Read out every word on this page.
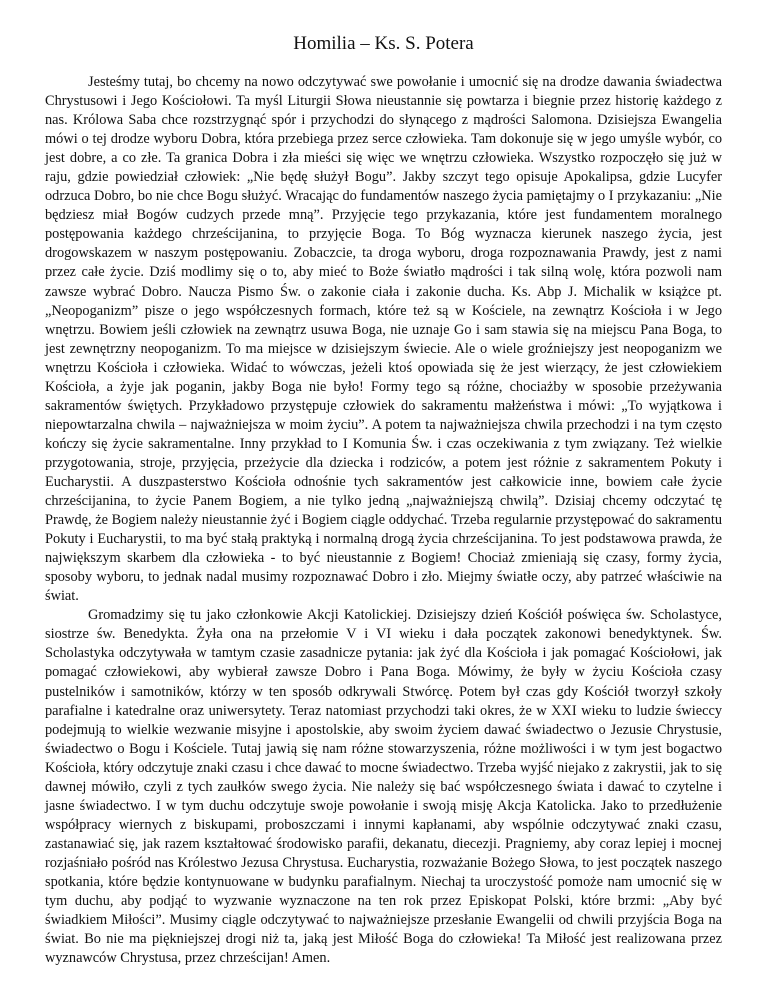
Homilia – Ks. S. Potera

Jesteśmy tutaj, bo chcemy na nowo odczytywać swe powołanie i umocnić się na drodze dawania świadectwa Chrystusowi i Jego Kościołowi. Ta myśl Liturgii Słowa nieustannie się powtarza i biegnie przez historię każdego z nas. Królowa Saba chce rozstrzygnąć spór i przychodzi do słynącego z mądrości Salomona. Dzisiejsza Ewangelia mówi o tej drodze wyboru Dobra, która przebiega przez serce człowieka. Tam dokonuje się w jego umyśle wybór, co jest dobre, a co złe. Ta granica Dobra i zła mieści się więc we wnętrzu człowieka. Wszystko rozpoczęło się już w raju, gdzie powiedział człowiek: „Nie będę służył Bogu”. Jakby szczyt tego opisuje Apokalipsa, gdzie Lucyfer odrzuca Dobro, bo nie chce Bogu służyć. Wracając do fundamentów naszego życia pamiętajmy o I przykazaniu: „Nie będziesz miał Bogów cudzych przede mną”. Przyjęcie tego przykazania, które jest fundamentem moralnego postępowania każdego chrześcijanina, to przyjęcie Boga. To Bóg wyznacza kierunek naszego życia, jest drogowskazem w naszym postępowaniu. Zobaczcie, ta droga wyboru, droga rozpoznawania Prawdy, jest z nami przez całe życie. Dziś modlimy się o to, aby mieć to Boże światło mądrości i tak silną wolę, która pozwoli nam zawsze wybrać Dobro. Naucza Pismo Św. o zakonie ciała i zakonie ducha. Ks. Abp J. Michalik w książce pt. „Neopoganizm” pisze o jego współczesnych formach, które też są w Kościele, na zewnątrz Kościoła i w Jego wnętrzu. Bowiem jeśli człowiek na zewnątrz usuwa Boga, nie uznaje Go i sam stawia się na miejscu Pana Boga, to jest zewnętrzny neopoganizm. To ma miejsce w dzisiejszym świecie. Ale o wiele groźniejszy jest neopoganizm we wnętrzu Kościoła i człowieka. Widać to wówczas, jeżeli ktoś opowiada się że jest wierzący, że jest człowiekiem Kościoła, a żyje jak poganin, jakby Boga nie było! Formy tego są różne, chociażby w sposobie przeżywania sakramentów świętych. Przykładowo przystępuje człowiek do sakramentu małżeństwa i mówi: „To wyjątkowa i niepowtarzalna chwila – najważniejsza w moim życiu”. A potem ta najważniejsza chwila przechodzi i na tym często kończy się życie sakramentalne. Inny przykład to I Komunia Św. i czas oczekiwania z tym związany. Też wielkie przygotowania, stroje, przyjęcia, przeżycie dla dziecka i rodziców, a potem jest różnie z sakramentem Pokuty i Eucharystii. A duszpasterstwo Kościoła odnośnie tych sakramentów jest całkowicie inne, bowiem całe życie chrześcijanina, to życie Panem Bogiem, a nie tylko jedną „najważniejszą chwilą”. Dzisiaj chcemy odczytać tę Prawdę, że Bogiem należy nieustannie żyć i Bogiem ciągle oddychać. Trzeba regularnie przystępować do sakramentu Pokuty i Eucharystii, to ma być stałą praktyką i normalną drogą życia chrześcijanina. To jest podstawowa prawda, że największym skarbem dla człowieka - to być nieustannie z Bogiem! Chociaż zmieniają się czasy, formy życia, sposoby wyboru, to jednak nadal musimy rozpoznawać Dobro i zło. Miejmy światłe oczy, aby patrzeć właściwie na świat.

Gromadzimy się tu jako członkowie Akcji Katolickiej. Dzisiejszy dzień Kościół poświęca św. Scholastyce, siostrze św. Benedykta. Żyła ona na przełomie V i VI wieku i dała początek zakonowi benedyktynek. Św. Scholastyka odczytywała w tamtym czasie zasadnicze pytania: jak żyć dla Kościoła i jak pomagać Kościołowi, jak pomagać człowiekowi, aby wybierał zawsze Dobro i Pana Boga. Mówimy, że były w życiu Kościoła czasy pustelników i samotników, którzy w ten sposób odkrywali Stwórcę. Potem był czas gdy Kościół tworzył szkoły parafialne i katedralne oraz uniwersytety. Teraz natomiast przychodzi taki okres, że w XXI wieku to ludzie świeccy podejmują to wielkie wezwanie misyjne i apostolskie, aby swoim życiem dawać świadectwo o Jezusie Chrystusie, świadectwo o Bogu i Kościele. Tutaj jawią się nam różne stowarzyszenia, różne możliwości i w tym jest bogactwo Kościoła, który odczytuje znaki czasu i chce dawać to mocne świadectwo. Trzeba wyjść niejako z zakrystii, jak to się dawnej mówiło, czyli z tych zaułków swego życia. Nie należy się bać współczesnego świata i dawać to czytelne i jasne świadectwo. I w tym duchu odczytuje swoje powołanie i swoją misję Akcja Katolicka. Jako to przedłużenie współpracy wiernych z biskupami, proboszczami i innymi kapłanami, aby wspólnie odczytywać znaki czasu, zastanawiać się, jak razem kształtować środowisko parafii, dekanatu, diecezji. Pragniemy, aby coraz lepiej i mocnej rozjaśniało pośród nas Królestwo Jezusa Chrystusa. Eucharystia, rozważanie Bożego Słowa, to jest początek naszego spotkania, które będzie kontynuowane w budynku parafialnym. Niechaj ta uroczystość pomoże nam umocnić się w tym duchu, aby podjąć to wyzwanie wyznaczone na ten rok przez Episkopat Polski, które brzmi: „Aby być świadkiem Miłości”. Musimy ciągle odczytywać to najważniejsze przesłanie Ewangelii od chwili przyjścia Boga na świat. Bo nie ma piękniejszej drogi niż ta, jaką jest Miłość Boga do człowieka! Ta Miłość jest realizowana przez wyznawców Chrystusa, przez chrześcijan! Amen.
